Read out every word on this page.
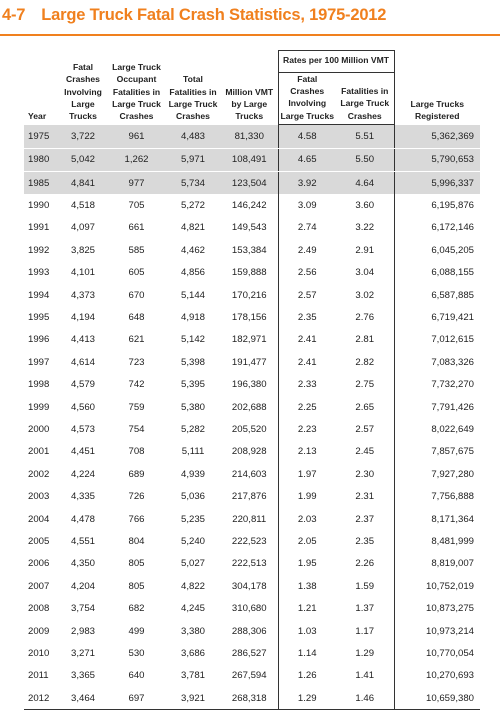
4-7 Large Truck Fatal Crash Statistics, 1975-2012
Year	Fatal Crashes Involving Large Trucks	Large Truck Occupant Fatalities in Large Truck Crashes	Total Fatalities in Large Truck Crashes	Million VMT by Large Trucks	Rates per 100 Million VMT		Large Trucks Registered
					Fatal Crashes Involving Large Trucks	Fatalities in Large Truck Crashes	
1975	3,722	961	4,483	81,330	4.58	5.51	5,362,369
1980	5,042	1,262	5,971	108,491	4.65	5.50	5,790,653
1985	4,841	977	5,734	123,504	3.92	4.64	5,996,337
1990	4,518	705	5,272	146,242	3.09	3.60	6,195,876
1991	4,097	661	4,821	149,543	2.74	3.22	6,172,146
1992	3,825	585	4,462	153,384	2.49	2.91	6,045,205
1993	4,101	605	4,856	159,888	2.56	3.04	6,088,155
1994	4,373	670	5,144	170,216	2.57	3.02	6,587,885
1995	4,194	648	4,918	178,156	2.35	2.76	6,719,421
1996	4,413	621	5,142	182,971	2.41	2.81	7,012,615
1997	4,614	723	5,398	191,477	2.41	2.82	7,083,326
1998	4,579	742	5,395	196,380	2.33	2.75	7,732,270
1999	4,560	759	5,380	202,688	2.25	2.65	7,791,426
2000	4,573	754	5,282	205,520	2.23	2.57	8,022,649
2001	4,451	708	5,111	208,928	2.13	2.45	7,857,675
2002	4,224	689	4,939	214,603	1.97	2.30	7,927,280
2003	4,335	726	5,036	217,876	1.99	2.31	7,756,888
2004	4,478	766	5,235	220,811	2.03	2.37	8,171,364
2005	4,551	804	5,240	222,523	2.05	2.35	8,481,999
2006	4,350	805	5,027	222,513	1.95	2.26	8,819,007
2007	4,204	805	4,822	304,178	1.38	1.59	10,752,019
2008	3,754	682	4,245	310,680	1.21	1.37	10,873,275
2009	2,983	499	3,380	288,306	1.03	1.17	10,973,214
2010	3,271	530	3,686	286,527	1.14	1.29	10,770,054
2011	3,365	640	3,781	267,594	1.26	1.41	10,270,693
2012	3,464	697	3,921	268,318	1.29	1.46	10,659,380
